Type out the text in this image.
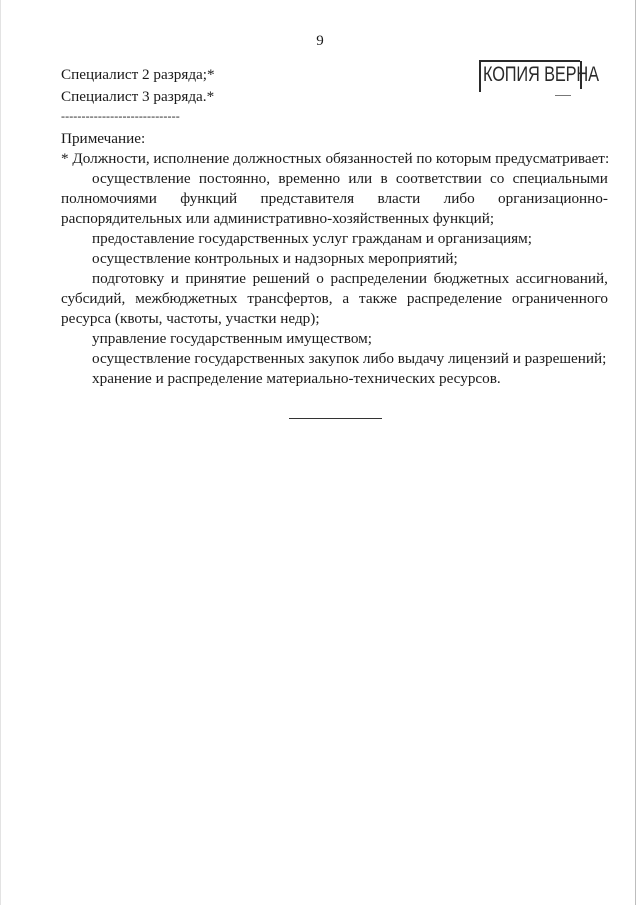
9
КОПИЯ ВЕРНА
Специалист 2 разряда;*
Специалист 3 разряда.*
-----------------------------
Примечание:
* Должности, исполнение должностных обязанностей по которым предусматривает:
осуществление постоянно, временно или в соответствии со специальными
полномочиями функций представителя власти либо организационно-
распорядительных или административно-хозяйственных функций;
предоставление государственных услуг гражданам и организациям;
осуществление контрольных и надзорных мероприятий;
подготовку и принятие решений о распределении бюджетных ассигнований,
субсидий, межбюджетных трансфертов, а также распределение ограниченного
ресурса (квоты, частоты, участки недр);
управление государственным имуществом;
осуществление государственных закупок либо выдачу лицензий и разрешений;
хранение и распределение материально-технических ресурсов.
